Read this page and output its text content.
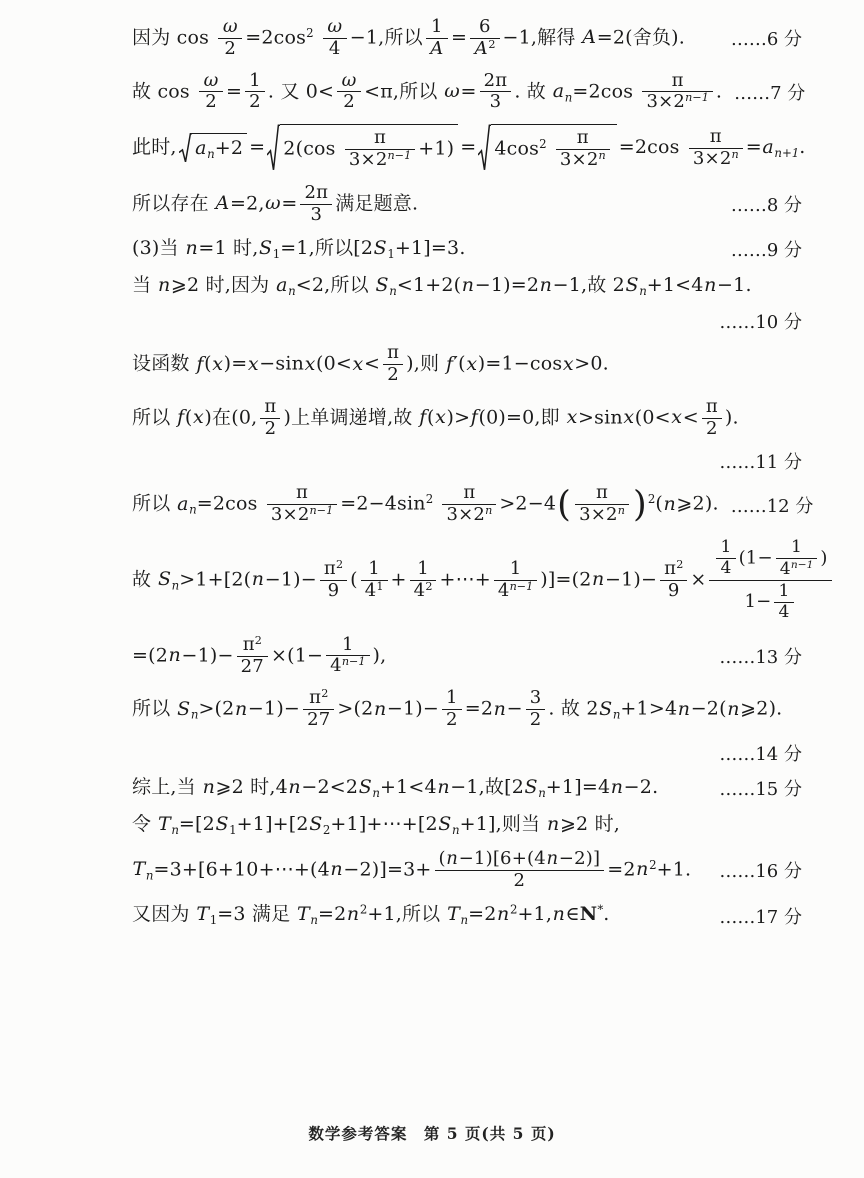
因为 $\cos \frac{\omega}{2} =2\cos^2 \frac{\omega}{4} -1$,所以 $\frac{1}{A} = \frac{6}{A^2} -1$,解得 A=2(舍负).	……6 分
故 $\cos \frac{\omega}{2} = \frac{1}{2}$ . 又 $0< \frac{\omega}{2} <\pi$,所以 $\omega= \frac{2\pi}{3}$ . 故 $a_n=2\cos \frac{\pi}{3\times 2^{n-1}}$ . ……7 分
此时, $a_n+2 = 2(\cos \frac{\pi}{3\times 2^{n-1}} +1) = 4\cos^2 \frac{\pi}{3\times 2^n} =2\cos \frac{\pi}{3\times 2^n} =a_{n+1}$.
所以存在 $A=2,\omega= \frac{2\pi}{3}$ 满足题意.	……8 分
(3)当 n=1 时$,S_1=1$,所以$[2S_1+1]=3$.	……9 分
当 n⩾2 时,因为 $a_n<2$,所以 $S_n<1+2(n-1)=2n-1$,故 $2S_n+1<4n-1$.
……10 分
设函数 $f(x)=x-\sin x(0<x< \frac{\pi}{2}$ ),则 f′(x)=1−cosx>0.
所以 f(x)在(0, $\frac{\pi}{2}$ )上单调递增,故 f(x)>f(0)=0,即 $x>\sin x(0<x< \frac{\pi}{2}$ ).
……11 分
所以 $a_n=2\cos \frac{\pi}{3\times 2^{n-1}} =2-4\sin^2 \frac{\pi}{3\times 2^n} >2-4( \frac{\pi}{3\times 2^n}$ )$^2(n⩾2)$. ……12 分
故 $S_n>1+[2(n-1)- \frac{\pi^2}{9}$ ( $\frac{1}{4^1} + \frac{1}{4^2}$ +⋯+ $\frac{1}{4^{n-1}} )]=(2n-1)- \frac{\pi^2}{9} \times \frac{\frac{1}{4} (1- \frac{1}{4^{n-1}} )}{1- \frac{1}{4}}$
$=(2n-1)- \frac{\pi^2}{27} \times(1- \frac{1}{4^{n-1}}$ ),	……13 分
所以 $S_n>(2n-1)- \frac{\pi^2}{27} >(2n-1)- \frac{1}{2} =2n- \frac{3}{2}$ . 故 $2S_n+1>4n-2(n⩾2)$.
……14 分
综上,当 n⩾2 时$,4n-2<2S_n+1<4n-1$,故$[2S_n+1]=4n-2$.	……15 分
令 $T_n=[2S_1+1]+[2S_2+1]+\cdots+[2S_n+1]$,则当 n⩾2 时,
$T_n=3+[6+10+\cdots+(4n-2)]=3+ \frac{(n-1)[6+(4n-2)]}{2} =2n^2+1$.	……16 分
又因为 $T_1=3$ 满足 $T_n=2n^2+1$,所以 $T_n=2n^2+1,n\in N^*$.	……17 分
数学参考答案　第 5 页(共 5 页)
